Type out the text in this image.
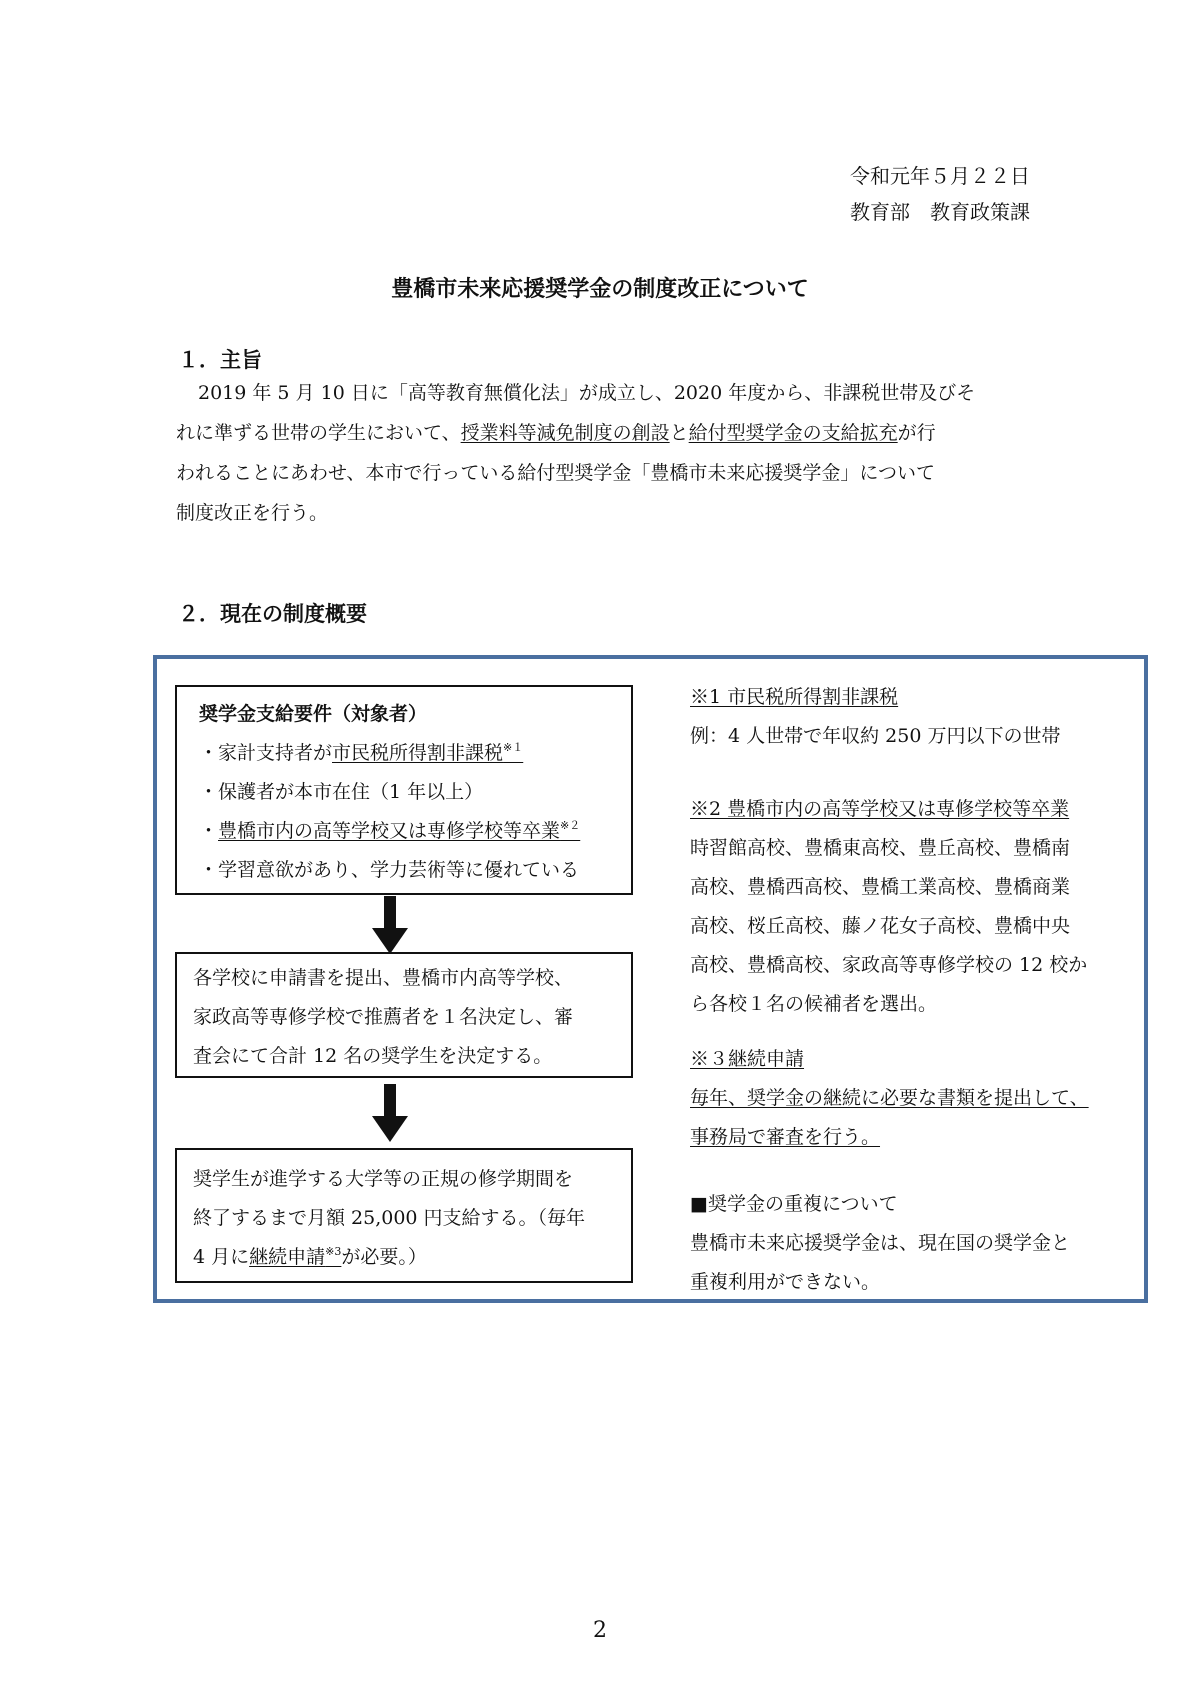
令和元年５月２２日
教育部　教育政策課
豊橋市未来応援奨学金の制度改正について
１．主旨
2019 年 5 月 10 日に「高等教育無償化法」が成立し、2020 年度から、非課税世帯及びそ
れに準ずる世帯の学生において、授業料等減免制度の創設と給付型奨学金の支給拡充が行
われることにあわせ、本市で行っている給付型奨学金「豊橋市未来応援奨学金」について
制度改正を行う。
２．現在の制度概要
奨学金支給要件（対象者）
・家計支持者が市民税所得割非課税$^{※1}$
・保護者が本市在住（1 年以上）
・豊橋市内の高等学校又は専修学校等卒業$^{※2}$
・学習意欲があり、学力芸術等に優れている
各学校に申請書を提出、豊橋市内高等学校、
家政高等専修学校で推薦者を１名決定し、審
査会にて合計 12 名の奨学生を決定する。
奨学生が進学する大学等の正規の修学期間を
終了するまで月額 25,000 円支給する。（毎年
4 月に継続申請$^{※3}$が必要。）
※1 市民税所得割非課税
例：4 人世帯で年収約 250 万円以下の世帯
※2 豊橋市内の高等学校又は専修学校等卒業
時習館高校、豊橋東高校、豊丘高校、豊橋南
高校、豊橋西高校、豊橋工業高校、豊橋商業
高校、桜丘高校、藤ノ花女子高校、豊橋中央
高校、豊橋高校、家政高等専修学校の 12 校か
ら各校１名の候補者を選出。
※３継続申請
毎年、奨学金の継続に必要な書類を提出して、
事務局で審査を行う。
■奨学金の重複について
豊橋市未来応援奨学金は、現在国の奨学金と
重複利用ができない。
2
